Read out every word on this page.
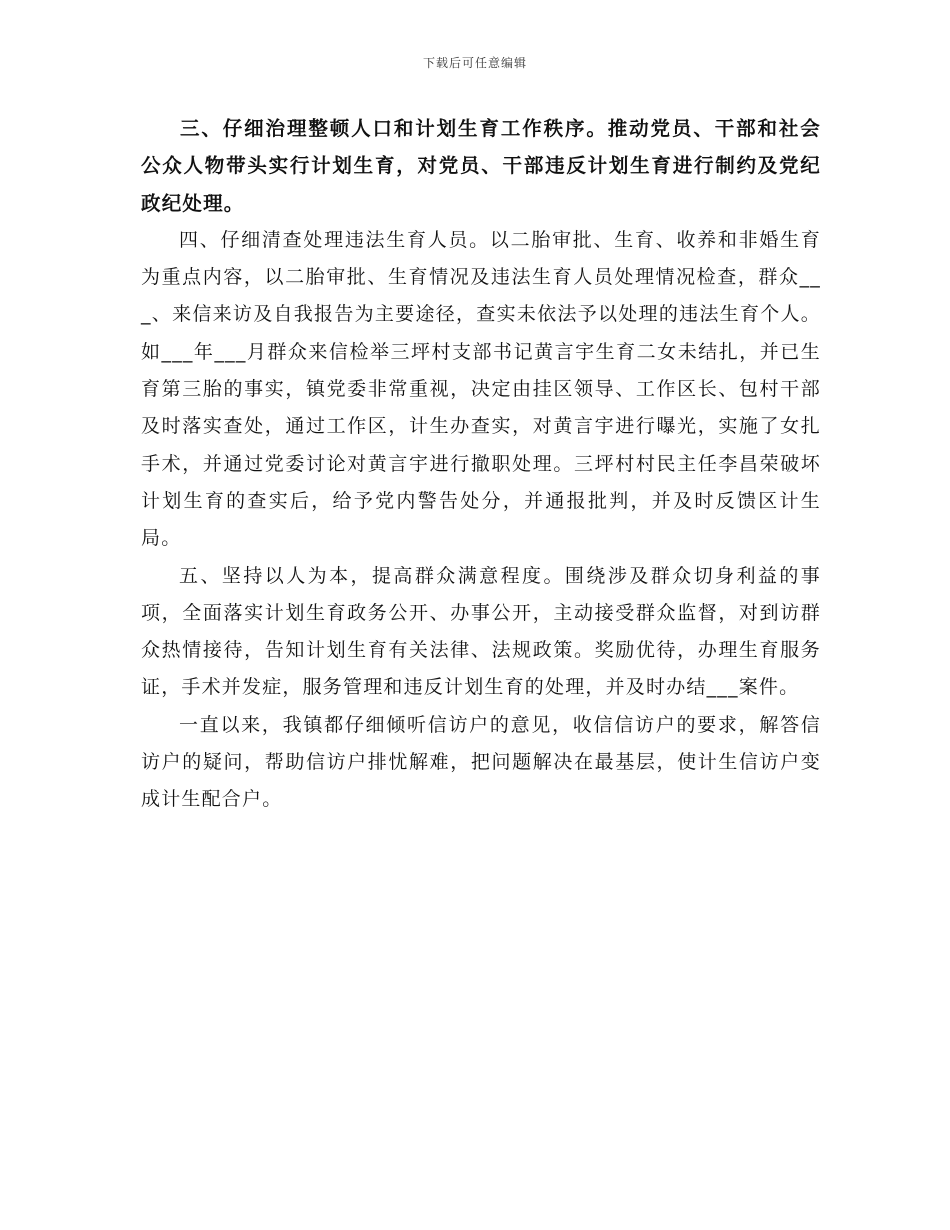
下载后可任意编辑

三、仔细治理整顿人口和计划生育工作秩序。推动党员、干部和社会公众人物带头实行计划生育，对党员、干部违反计划生育进行制约及党纪政纪处理。

四、仔细清查处理违法生育人员。以二胎审批、生育、收养和非婚生育为重点内容，以二胎审批、生育情况及违法生育人员处理情况检查，群众___、来信来访及自我报告为主要途径，查实未依法予以处理的违法生育个人。如___年___月群众来信检举三坪村支部书记黄言宇生育二女未结扎，并已生育第三胎的事实，镇党委非常重视，决定由挂区领导、工作区长、包村干部及时落实查处，通过工作区，计生办查实，对黄言宇进行曝光，实施了女扎手术，并通过党委讨论对黄言宇进行撤职处理。三坪村村民主任李昌荣破坏计划生育的查实后，给予党内警告处分，并通报批判，并及时反馈区计生局。

五、坚持以人为本，提高群众满意程度。围绕涉及群众切身利益的事项，全面落实计划生育政务公开、办事公开，主动接受群众监督，对到访群众热情接待，告知计划生育有关法律、法规政策。奖励优待，办理生育服务证，手术并发症，服务管理和违反计划生育的处理，并及时办结___案件。

一直以来，我镇都仔细倾听信访户的意见，收信信访户的要求，解答信访户的疑问，帮助信访户排忧解难，把问题解决在最基层，使计生信访户变成计生配合户。
